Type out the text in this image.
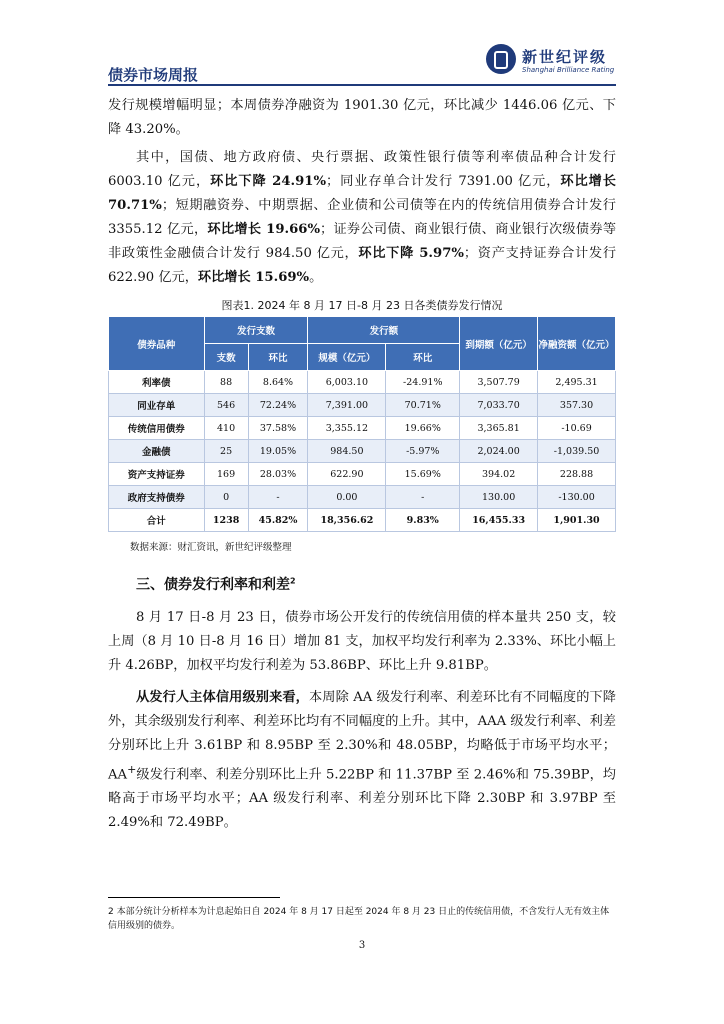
债券市场周报
新世纪评级
Shanghai Brilliance Rating
发行规模增幅明显；本周债券净融资为 1901.30 亿元，环比减少 1446.06 亿元、下降 43.20%。
其中，国债、地方政府债、央行票据、政策性银行债等利率债品种合计发行 6003.10 亿元，环比下降 24.91%；同业存单合计发行 7391.00 亿元，环比增长 70.71%；短期融资券、中期票据、企业债和公司债等在内的传统信用债券合计发行 3355.12 亿元，环比增长 19.66%；证券公司债、商业银行债、商业银行次级债券等非政策性金融债合计发行 984.50 亿元，环比下降 5.97%；资产支持证券合计发行 622.90 亿元，环比增长 15.69%。
图表1. 2024 年 8 月 17 日-8 月 23 日各类债券发行情况
债券品种	发行支数		发行额		到期额（亿元）	净融资额（亿元）
	支数	环比	规模（亿元）	环比		
利率债	88	8.64%	6,003.10	-24.91%	3,507.79	2,495.31
同业存单	546	72.24%	7,391.00	70.71%	7,033.70	357.30
传统信用债券	410	37.58%	3,355.12	19.66%	3,365.81	-10.69
金融债	25	19.05%	984.50	-5.97%	2,024.00	-1,039.50
资产支持证券	169	28.03%	622.90	15.69%	394.02	228.88
政府支持债券	0	-	0.00	-	130.00	-130.00
合计	1238	45.82%	18,356.62	9.83%	16,455.33	1,901.30
数据来源：财汇资讯，新世纪评级整理
三、债券发行利率和利差$^2$
8 月 17 日-8 月 23 日，债券市场公开发行的传统信用债的样本量共 250 支，较上周（8 月 10 日-8 月 16 日）增加 81 支，加权平均发行利率为 2.33%、环比小幅上升 4.26BP，加权平均发行利差为 53.86BP、环比上升 9.81BP。
从发行人主体信用级别来看，本周除 AA 级发行利率、利差环比有不同幅度的下降外，其余级别发行利率、利差环比均有不同幅度的上升。其中，AAA 级发行利率、利差分别环比上升 3.61BP 和 8.95BP 至 2.30%和 48.05BP，均略低于市场平均水平；AA+级发行利率、利差分别环比上升 5.22BP 和 11.37BP 至 2.46%和 75.39BP，均略高于市场平均水平；AA 级发行利率、利差分别环比下降 2.30BP 和 3.97BP 至 2.49%和 72.49BP。
2 本部分统计分析样本为计息起始日自 2024 年 8 月 17 日起至 2024 年 8 月 23 日止的传统信用债，不含发行人无有效主体信用级别的债券。
3
